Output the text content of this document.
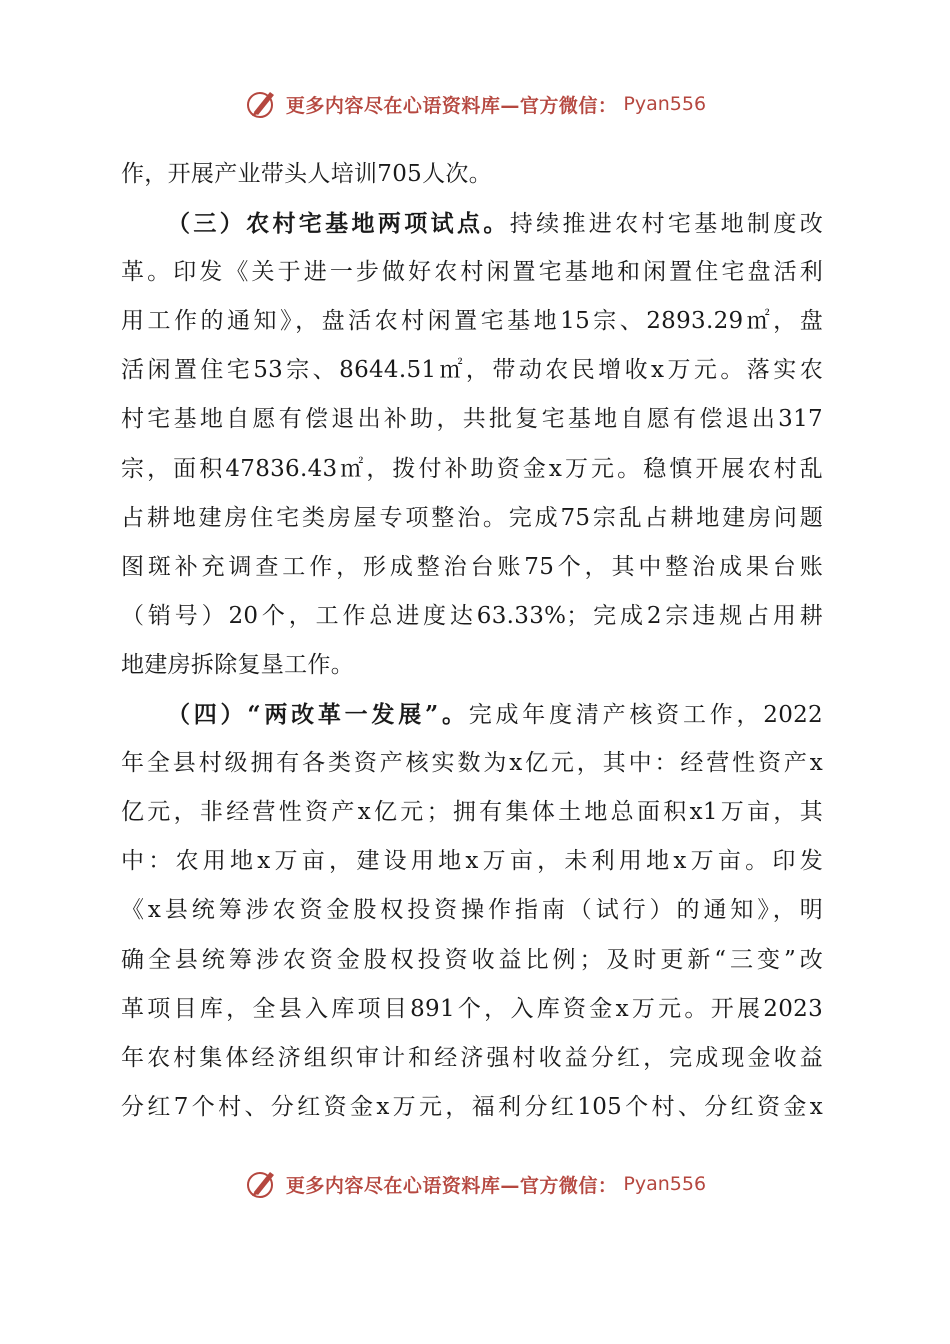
更多内容尽在心语资料库—官方微信： Pyan556
作，开展产业带头人培训705人次。
（三）农村宅基地两项试点。持续推进农村宅基地制度改
革。印发《关于进一步做好农村闲置宅基地和闲置住宅盘活利
用工作的通知》，盘活农村闲置宅基地15宗、2893.29㎡，盘
活闲置住宅53宗、8644.51㎡，带动农民增收x万元。落实农
村宅基地自愿有偿退出补助，共批复宅基地自愿有偿退出317
宗，面积47836.43㎡，拨付补助资金x万元。稳慎开展农村乱
占耕地建房住宅类房屋专项整治。完成75宗乱占耕地建房问题
图斑补充调查工作，形成整治台账75个，其中整治成果台账
（销号）20个，工作总进度达63.33%；完成2宗违规占用耕
地建房拆除复垦工作。
（四）“两改革一发展”。完成年度清产核资工作，2022
年全县村级拥有各类资产核实数为x亿元，其中：经营性资产x
亿元，非经营性资产x亿元；拥有集体土地总面积x1万亩，其
中：农用地x万亩，建设用地x万亩，未利用地x万亩。印发
《x县统筹涉农资金股权投资操作指南（试行）的通知》，明
确全县统筹涉农资金股权投资收益比例；及时更新“三变”改
革项目库，全县入库项目891个，入库资金x万元。开展2023
年农村集体经济组织审计和经济强村收益分红，完成现金收益
分红7个村、分红资金x万元，福利分红105个村、分红资金x
更多内容尽在心语资料库—官方微信： Pyan556
